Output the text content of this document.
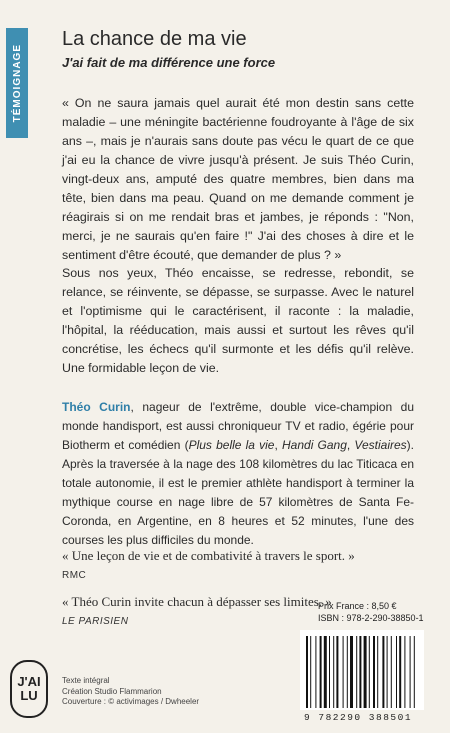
TÉMOIGNAGE
La chance de ma vie
J'ai fait de ma différence une force

« On ne saura jamais quel aurait été mon destin sans cette maladie – une méningite bactérienne foudroyante à l'âge de six ans –, mais je n'aurais sans doute pas vécu le quart de ce que j'ai eu la chance de vivre jusqu'à présent. Je suis Théo Curin, vingt-deux ans, amputé des quatre membres, bien dans ma tête, bien dans ma peau. Quand on me demande comment je réagirais si on me rendait bras et jambes, je réponds : "Non, merci, je ne saurais qu'en faire !" J'ai des choses à dire et le sentiment d'être écouté, que demander de plus ? »

Sous nos yeux, Théo encaisse, se redresse, rebondit, se relance, se réinvente, se dépasse, se surpasse. Avec le naturel et l'optimisme qui le caractérisent, il raconte : la maladie, l'hôpital, la rééducation, mais aussi et surtout les rêves qu'il concrétise, les échecs qu'il surmonte et les défis qu'il relève. Une formidable leçon de vie.

Théo Curin, nageur de l'extrême, double vice-champion du monde handisport, est aussi chroniqueur TV et radio, égérie pour Biotherm et comédien (Plus belle la vie, Handi Gang, Vestiaires). Après la traversée à la nage des 108 kilomètres du lac Titicaca en totale autonomie, il est le premier athlète handisport à terminer la mythique course en nage libre de 57 kilomètres de Santa Fe-Coronda, en Argentine, en 8 heures et 52 minutes, l'une des courses les plus difficiles du monde.

« Une leçon de vie et de combativité à travers le sport. »
RMC
« Théo Curin invite chacun à dépasser ses limites. »
LE PARISIEN
J'AI
LU
Texte intégral
Création Studio Flammarion
Couverture : © activimages / Dwheeler
Prix France : 8,50 €
ISBN : 978-2-290-38850-1
9 782290 388501
